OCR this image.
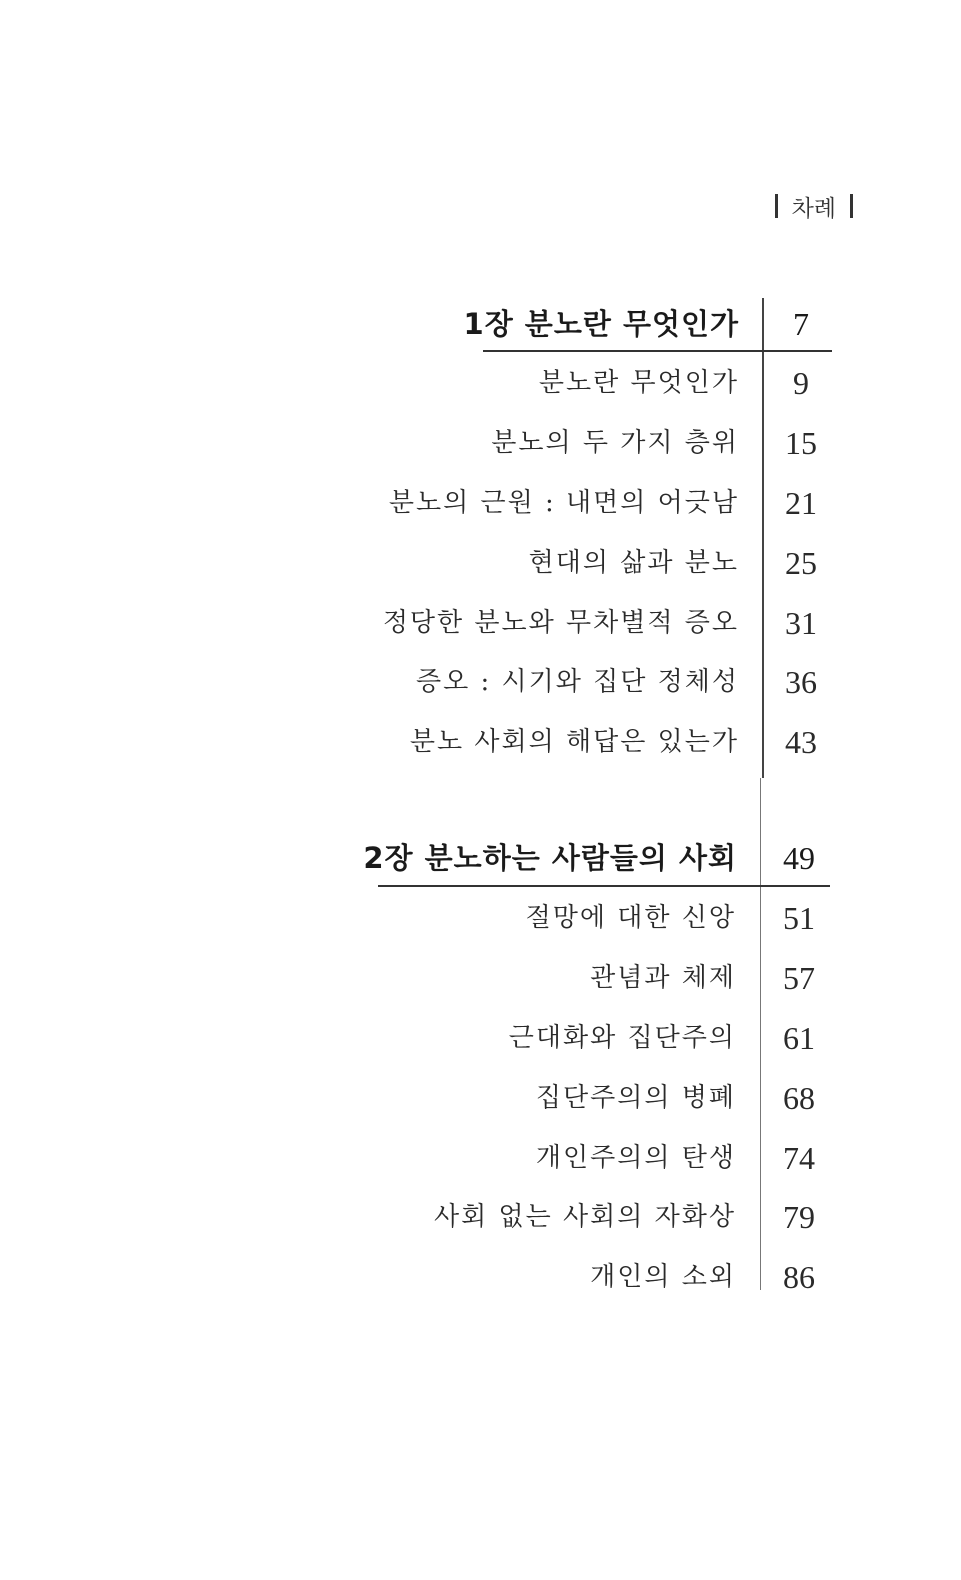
차례
1장 분노란 무엇인가	7
분노란 무엇인가	9
분노의 두 가지 층위	15
분노의 근원 : 내면의 어긋남	21
현대의 삶과 분노	25
정당한 분노와 무차별적 증오	31
증오 : 시기와 집단 정체성	36
분노 사회의 해답은 있는가	43
2장 분노하는 사람들의 사회	49
절망에 대한 신앙	51
관념과 체제	57
근대화와 집단주의	61
집단주의의 병폐	68
개인주의의 탄생	74
사회 없는 사회의 자화상	79
개인의 소외	86
